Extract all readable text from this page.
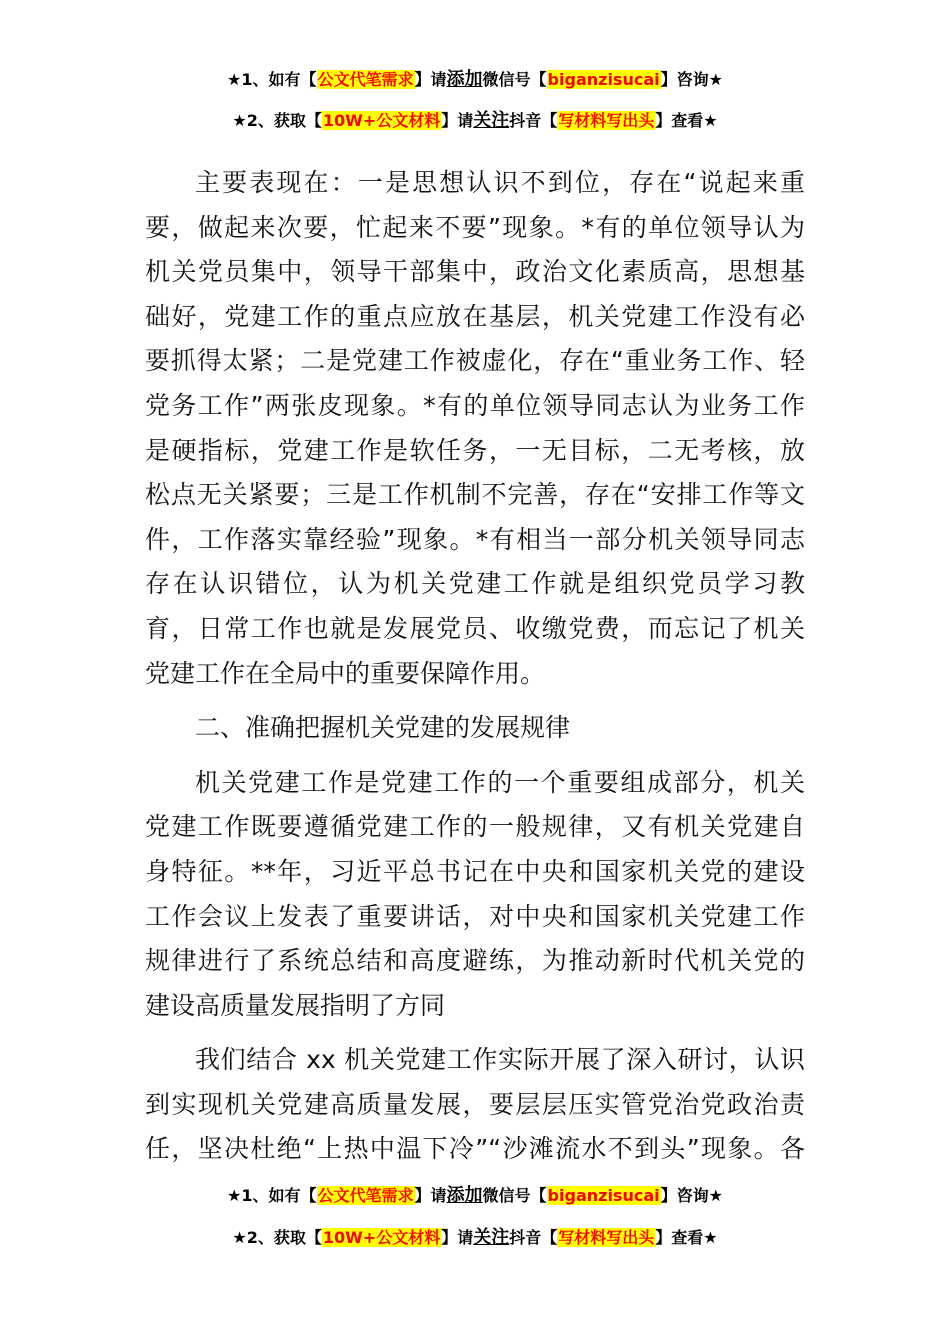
★1、如有【公文代笔需求】请添加微信号【biganzisucai】咨询★
★2、获取【10W+公文材料】请关注抖音【写材料写出头】查看★
主要表现在：一是思想认识不到位，存在“说起来重
要，做起来次要，忙起来不要”现象。*有的单位领导认为
机关党员集中，领导干部集中，政治文化素质高，思想基
础好，党建工作的重点应放在基层，机关党建工作没有必
要抓得太紧；二是党建工作被虚化，存在“重业务工作、轻
党务工作”两张皮现象。*有的单位领导同志认为业务工作
是硬指标，党建工作是软任务，一无目标，二无考核，放
松点无关紧要；三是工作机制不完善，存在“安排工作等文
件，工作落实靠经验”现象。*有相当一部分机关领导同志
存在认识错位，认为机关党建工作就是组织党员学习教
育，日常工作也就是发展党员、收缴党费，而忘记了机关
党建工作在全局中的重要保障作用。
二、准确把握机关党建的发展规律
机关党建工作是党建工作的一个重要组成部分，机关
党建工作既要遵循党建工作的一般规律，又有机关党建自
身特征。**年，习近平总书记在中央和国家机关党的建设
工作会议上发表了重要讲话，对中央和国家机关党建工作
规律进行了系统总结和高度避练，为推动新时代机关党的
建设高质量发展指明了方同
我们结合 xx 机关党建工作实际开展了深入研讨，认识
到实现机关党建高质量发展，要层层压实管党治党政治责
任，坚决杜绝“上热中温下冷”“沙滩流水不到头”现象。各
★1、如有【公文代笔需求】请添加微信号【biganzisucai】咨询★
★2、获取【10W+公文材料】请关注抖音【写材料写出头】查看★
